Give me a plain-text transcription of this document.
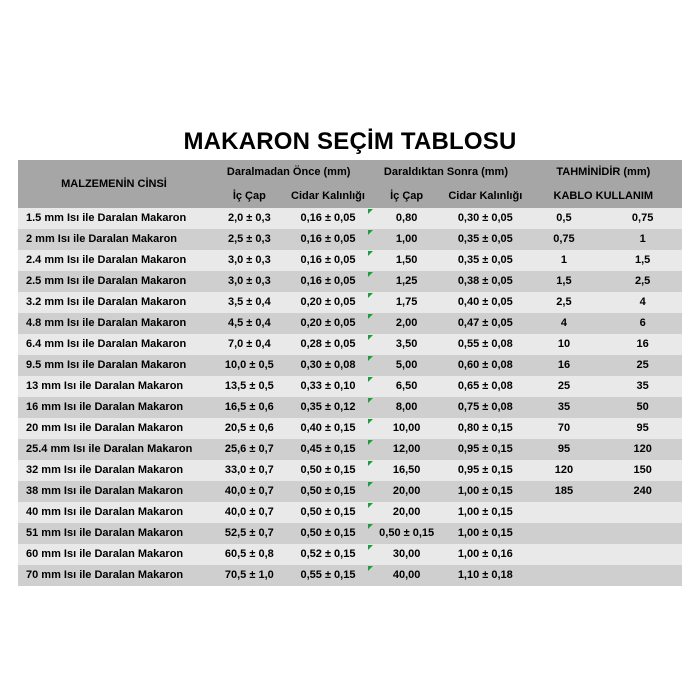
MAKARON SEÇİM TABLOSU
MALZEMENİN CİNSİ	Daralmadan Önce (mm)		Daraldıktan Sonra (mm)		TAHMİNİDİR (mm)	
	İç Çap	Cidar Kalınlığı	İç Çap	Cidar Kalınlığı	KABLO KULLANIM	
1.5 mm Isı ile Daralan Makaron	2,0 ± 0,3	0,16 ± 0,05	0,80	0,30 ± 0,05	0,5	0,75
2 mm Isı ile Daralan Makaron	2,5 ± 0,3	0,16 ± 0,05	1,00	0,35 ± 0,05	0,75	1
2.4 mm Isı ile Daralan Makaron	3,0 ± 0,3	0,16 ± 0,05	1,50	0,35 ± 0,05	1	1,5
2.5 mm Isı ile Daralan Makaron	3,0 ± 0,3	0,16 ± 0,05	1,25	0,38 ± 0,05	1,5	2,5
3.2 mm Isı ile Daralan Makaron	3,5 ± 0,4	0,20 ± 0,05	1,75	0,40 ± 0,05	2,5	4
4.8 mm Isı ile Daralan Makaron	4,5 ± 0,4	0,20 ± 0,05	2,00	0,47 ± 0,05	4	6
6.4 mm Isı ile Daralan Makaron	7,0 ± 0,4	0,28 ± 0,05	3,50	0,55 ± 0,08	10	16
9.5 mm Isı ile Daralan Makaron	10,0 ± 0,5	0,30 ± 0,08	5,00	0,60 ± 0,08	16	25
13 mm Isı ile Daralan Makaron	13,5 ± 0,5	0,33 ± 0,10	6,50	0,65 ± 0,08	25	35
16 mm Isı ile Daralan Makaron	16,5 ± 0,6	0,35 ± 0,12	8,00	0,75 ± 0,08	35	50
20 mm Isı ile Daralan Makaron	20,5 ± 0,6	0,40 ± 0,15	10,00	0,80 ± 0,15	70	95
25.4 mm Isı ile Daralan Makaron	25,6 ± 0,7	0,45 ± 0,15	12,00	0,95 ± 0,15	95	120
32 mm Isı ile Daralan Makaron	33,0 ± 0,7	0,50 ± 0,15	16,50	0,95 ± 0,15	120	150
38 mm Isı ile Daralan Makaron	40,0 ± 0,7	0,50 ± 0,15	20,00	1,00 ± 0,15	185	240
40 mm Isı ile Daralan Makaron	40,0 ± 0,7	0,50 ± 0,15	20,00	1,00 ± 0,15		
51 mm Isı ile Daralan Makaron	52,5 ± 0,7	0,50 ± 0,15	0,50 ± 0,15	1,00 ± 0,15		
60 mm Isı ile Daralan Makaron	60,5 ± 0,8	0,52 ± 0,15	30,00	1,00 ± 0,16		
70 mm Isı ile Daralan Makaron	70,5 ± 1,0	0,55 ± 0,15	40,00	1,10 ± 0,18		
